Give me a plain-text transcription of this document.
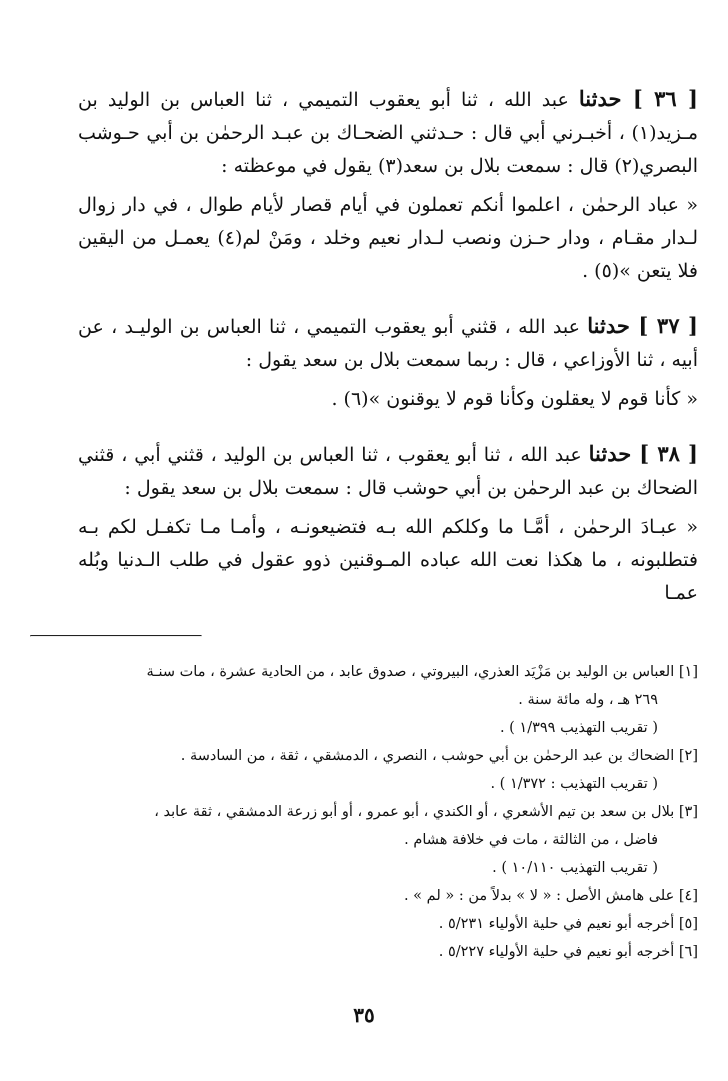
[ ٣٦ ] حدثنا عبد الله ، ثنا أبو يعقوب التميمي ، ثنا العباس بن الوليد بن مـزيد(١) ، أخبـرني أبي قال : حـدثني الضحـاك بن عبـد الرحمٰن بن أبي حـوشب البصري(٢) قال : سمعت بلال بن سعد(٣) يقول في موعظته :

« عباد الرحمٰن ، اعلموا أنكم تعملون في أيام قصار لأيام طوال ، في دار زوال لـدار مقـام ، ودار حـزن ونصب لـدار نعيم وخلد ، ومَنْ لم(٤) يعمـل من اليقين فلا يتعن »(٥) .

[ ٣٧ ] حدثنا عبد الله ، قثني أبو يعقوب التميمي ، ثنا العباس بن الوليـد ، عن أبيه ، ثنا الأوزاعي ، قال : ربما سمعت بلال بن سعد يقول :

« كأنا قوم لا يعقلون وكأنا قوم لا يوقنون »(٦) .

[ ٣٨ ] حدثنا عبد الله ، ثنا أبو يعقوب ، ثنا العباس بن الوليد ، قثني أبي ، قثني الضحاك بن عبد الرحمٰن بن أبي حوشب قال : سمعت بلال بن سعد يقول :

« عبـادَ الرحمٰن ، أمَّـا ما وكلكم الله بـه فتضيعونـه ، وأمـا مـا تكفـل لكم بـه فتطلبونه ، ما هكذا نعت الله عباده المـوقنين ذوو عقول في طلب الـدنيا وبُله عمـا

[١] العباس بن الوليد بن مَزْيَد العذري، البيروتي ، صدوق عابد ، من الحادية عشرة ، مات سنـة
٢٦٩ هـ ، وله مائة سنة .
( تقريب التهذيب ١/٣٩٩ ) .

[٢] الضحاك بن عبد الرحمٰن بن أبي حوشب ، النصري ، الدمشقي ، ثقة ، من السادسة .
( تقريب التهذيب : ١/٣٧٢ ) .

[٣] بلال بن سعد بن تيم الأشعري ، أو الكندي ، أبو عمرو ، أو أبو زرعة الدمشقي ، ثقة عابد ،
فاضل ، من الثالثة ، مات في خلافة هشام .
( تقريب التهذيب ١٠/١١٠ ) .

[٤] على هامش الأصل : « لا » بدلاً من : « لم » .

[٥] أخرجه أبو نعيم في حلية الأولياء ٥/٢٣١ .

[٦] أخرجه أبو نعيم في حلية الأولياء ٥/٢٢٧ .

٣٥
